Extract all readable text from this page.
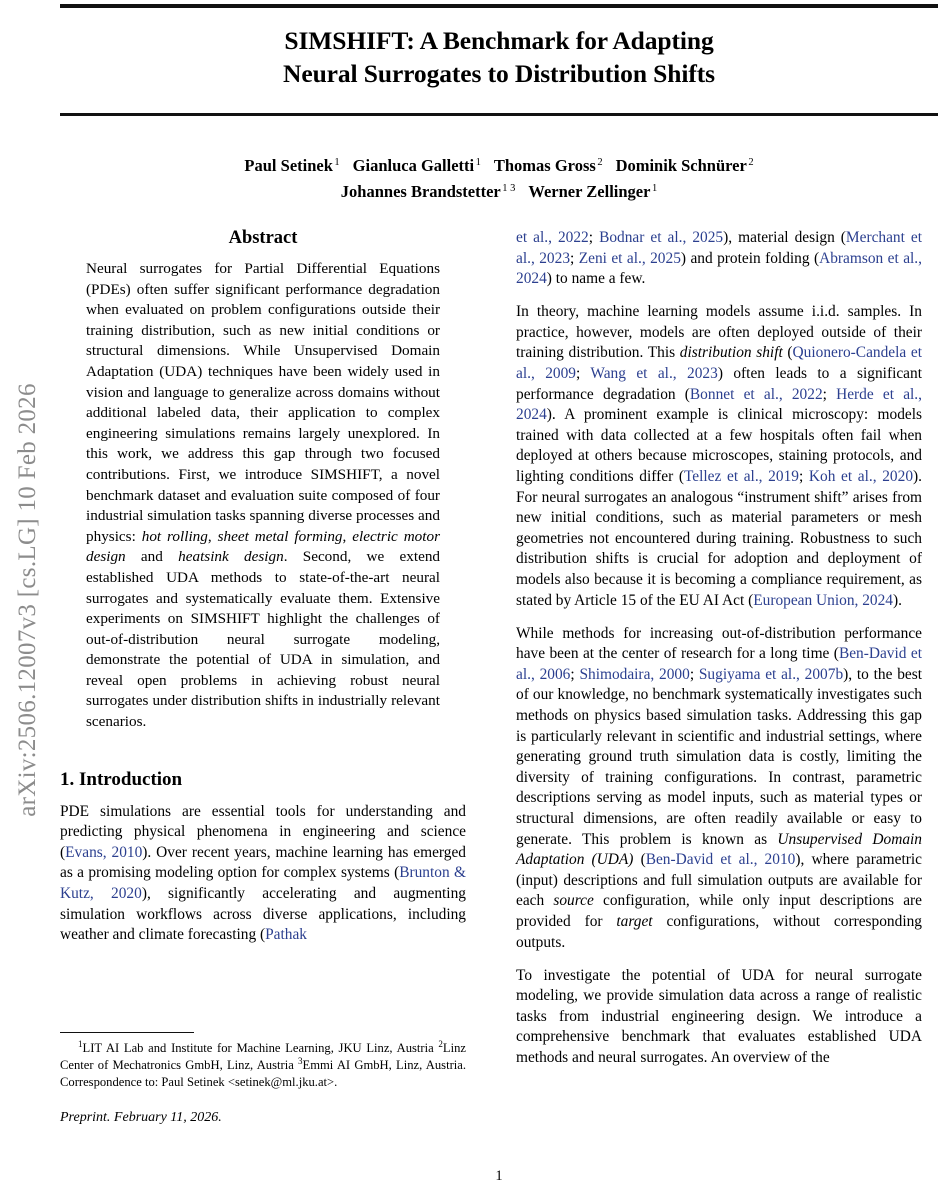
arXiv:2506.12007v3 [cs.LG] 10 Feb 2026
SIMSHIFT: A Benchmark for Adapting
Neural Surrogates to Distribution Shifts
Paul Setinek $^1$ Gianluca Galletti $^1$ Thomas Gross $^2$ Dominik Schnürer $^2$
Johannes Brandstetter $^{1 3}$ Werner Zellinger $^1$
Abstract
Neural surrogates for Partial Differential Equations (PDEs) often suffer significant performance degradation when evaluated on problem configurations outside their training distribution, such as new initial conditions or structural dimensions. While Unsupervised Domain Adaptation (UDA) techniques have been widely used in vision and language to generalize across domains without additional labeled data, their application to complex engineering simulations remains largely unexplored. In this work, we address this gap through two focused contributions. First, we introduce SIMSHIFT, a novel benchmark dataset and evaluation suite composed of four industrial simulation tasks spanning diverse processes and physics: hot rolling, sheet metal forming, electric motor design and heatsink design. Second, we extend established UDA methods to state-of-the-art neural surrogates and systematically evaluate them. Extensive experiments on SIMSHIFT highlight the challenges of out-of-distribution neural surrogate modeling, demonstrate the potential of UDA in simulation, and reveal open problems in achieving robust neural surrogates under distribution shifts in industrially relevant scenarios.
1. Introduction
PDE simulations are essential tools for understanding and predicting physical phenomena in engineering and science (Evans, 2010). Over recent years, machine learning has emerged as a promising modeling option for complex systems (Brunton & Kutz, 2020), significantly accelerating and augmenting simulation workflows across diverse applications, including weather and climate forecasting (Pathak
et al., 2022; Bodnar et al., 2025), material design (Merchant et al., 2023; Zeni et al., 2025) and protein folding (Abramson et al., 2024) to name a few.
In theory, machine learning models assume i.i.d. samples. In practice, however, models are often deployed outside of their training distribution. This distribution shift (Quionero-Candela et al., 2009; Wang et al., 2023) often leads to a significant performance degradation (Bonnet et al., 2022; Herde et al., 2024). A prominent example is clinical microscopy: models trained with data collected at a few hospitals often fail when deployed at others because microscopes, staining protocols, and lighting conditions differ (Tellez et al., 2019; Koh et al., 2020). For neural surrogates an analogous “instrument shift” arises from new initial conditions, such as material parameters or mesh geometries not encountered during training. Robustness to such distribution shifts is crucial for adoption and deployment of models also because it is becoming a compliance requirement, as stated by Article 15 of the EU AI Act (European Union, 2024).
While methods for increasing out-of-distribution performance have been at the center of research for a long time (Ben-David et al., 2006; Shimodaira, 2000; Sugiyama et al., 2007b), to the best of our knowledge, no benchmark systematically investigates such methods on physics based simulation tasks. Addressing this gap is particularly relevant in scientific and industrial settings, where generating ground truth simulation data is costly, limiting the diversity of training configurations. In contrast, parametric descriptions serving as model inputs, such as material types or structural dimensions, are often readily available or easy to generate. This problem is known as Unsupervised Domain Adaptation (UDA) (Ben-David et al., 2010), where parametric (input) descriptions and full simulation outputs are available for each source configuration, while only input descriptions are provided for target configurations, without corresponding outputs.
To investigate the potential of UDA for neural surrogate modeling, we provide simulation data across a range of realistic tasks from industrial engineering design. We introduce a comprehensive benchmark that evaluates established UDA methods and neural surrogates. An overview of the

$^1$LIT AI Lab and Institute for Machine Learning, JKU Linz, Austria $^2$Linz Center of Mechatronics GmbH, Linz, Austria $^3$Emmi AI GmbH, Linz, Austria. Correspondence to: Paul Setinek <setinek@ml.jku.at>.

Preprint. February 11, 2026.

1
